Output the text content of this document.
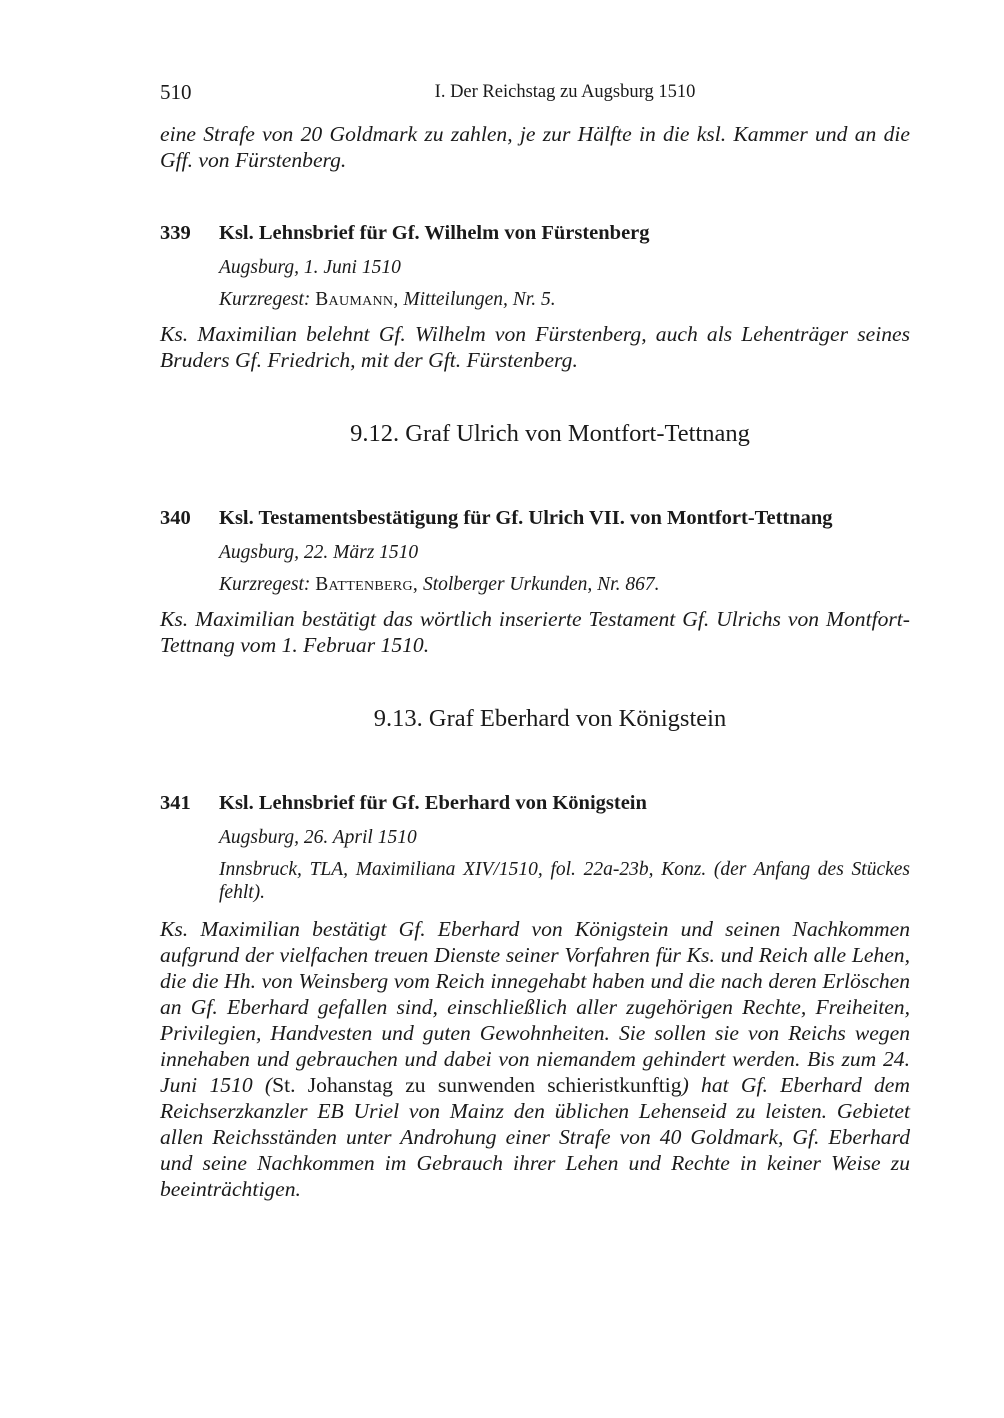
510	I. Der Reichstag zu Augsburg 1510
eine Strafe von 20 Goldmark zu zahlen, je zur Hälfte in die ksl. Kammer und an die Gff. von Fürstenberg.
339 Ksl. Lehnsbrief für Gf. Wilhelm von Fürstenberg
Augsburg, 1. Juni 1510
Kurzregest: Baumann, Mitteilungen, Nr. 5.
Ks. Maximilian belehnt Gf. Wilhelm von Fürstenberg, auch als Lehenträger seines Bruders Gf. Friedrich, mit der Gft. Fürstenberg.
9.12. Graf Ulrich von Montfort-Tettnang
340 Ksl. Testamentsbestätigung für Gf. Ulrich VII. von Montfort-Tettnang
Augsburg, 22. März 1510
Kurzregest: Battenberg, Stolberger Urkunden, Nr. 867.
Ks. Maximilian bestätigt das wörtlich inserierte Testament Gf. Ulrichs von Montfort-Tettnang vom 1. Februar 1510.
9.13. Graf Eberhard von Königstein
341 Ksl. Lehnsbrief für Gf. Eberhard von Königstein
Augsburg, 26. April 1510
Innsbruck, TLA, Maximiliana XIV/1510, fol. 22a-23b, Konz. (der Anfang des Stückes fehlt).
Ks. Maximilian bestätigt Gf. Eberhard von Königstein und seinen Nachkommen aufgrund der vielfachen treuen Dienste seiner Vorfahren für Ks. und Reich alle Lehen, die die Hh. von Weinsberg vom Reich innegehabt haben und die nach deren Erlöschen an Gf. Eberhard gefallen sind, einschließlich aller zugehörigen Rechte, Freiheiten, Privilegien, Handvesten und guten Gewohnheiten. Sie sollen sie von Reichs wegen innehaben und gebrauchen und dabei von niemandem gehindert werden. Bis zum 24. Juni 1510 (St. Johanstag zu sunwenden schieristkunftig) hat Gf. Eberhard dem Reichserzkanzler EB Uriel von Mainz den üblichen Lehenseid zu leisten. Gebietet allen Reichsständen unter Androhung einer Strafe von 40 Goldmark, Gf. Eberhard und seine Nachkommen im Gebrauch ihrer Lehen und Rechte in keiner Weise zu beeinträchtigen.
